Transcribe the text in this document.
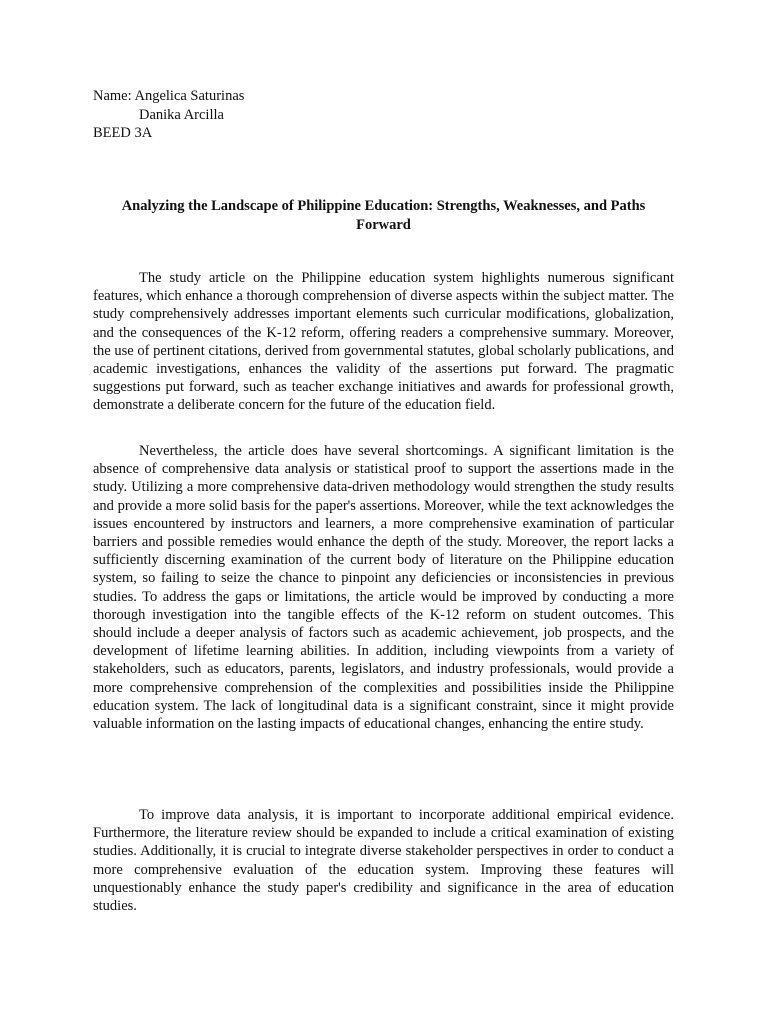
Name: Angelica Saturinas
Danika Arcilla
BEED 3A
Analyzing the Landscape of Philippine Education: Strengths, Weaknesses, and Paths Forward

The study article on the Philippine education system highlights numerous significant features, which enhance a thorough comprehension of diverse aspects within the subject matter. The study comprehensively addresses important elements such curricular modifications, globalization, and the consequences of the K-12 reform, offering readers a comprehensive summary. Moreover, the use of pertinent citations, derived from governmental statutes, global scholarly publications, and academic investigations, enhances the validity of the assertions put forward. The pragmatic suggestions put forward, such as teacher exchange initiatives and awards for professional growth, demonstrate a deliberate concern for the future of the education field.

Nevertheless, the article does have several shortcomings. A significant limitation is the absence of comprehensive data analysis or statistical proof to support the assertions made in the study. Utilizing a more comprehensive data-driven methodology would strengthen the study results and provide a more solid basis for the paper's assertions. Moreover, while the text acknowledges the issues encountered by instructors and learners, a more comprehensive examination of particular barriers and possible remedies would enhance the depth of the study. Moreover, the report lacks a sufficiently discerning examination of the current body of literature on the Philippine education system, so failing to seize the chance to pinpoint any deficiencies or inconsistencies in previous studies. To address the gaps or limitations, the article would be improved by conducting a more thorough investigation into the tangible effects of the K-12 reform on student outcomes. This should include a deeper analysis of factors such as academic achievement, job prospects, and the development of lifetime learning abilities. In addition, including viewpoints from a variety of stakeholders, such as educators, parents, legislators, and industry professionals, would provide a more comprehensive comprehension of the complexities and possibilities inside the Philippine education system. The lack of longitudinal data is a significant constraint, since it might provide valuable information on the lasting impacts of educational changes, enhancing the entire study.

To improve data analysis, it is important to incorporate additional empirical evidence. Furthermore, the literature review should be expanded to include a critical examination of existing studies. Additionally, it is crucial to integrate diverse stakeholder perspectives in order to conduct a more comprehensive evaluation of the education system. Improving these features will unquestionably enhance the study paper's credibility and significance in the area of education studies.
